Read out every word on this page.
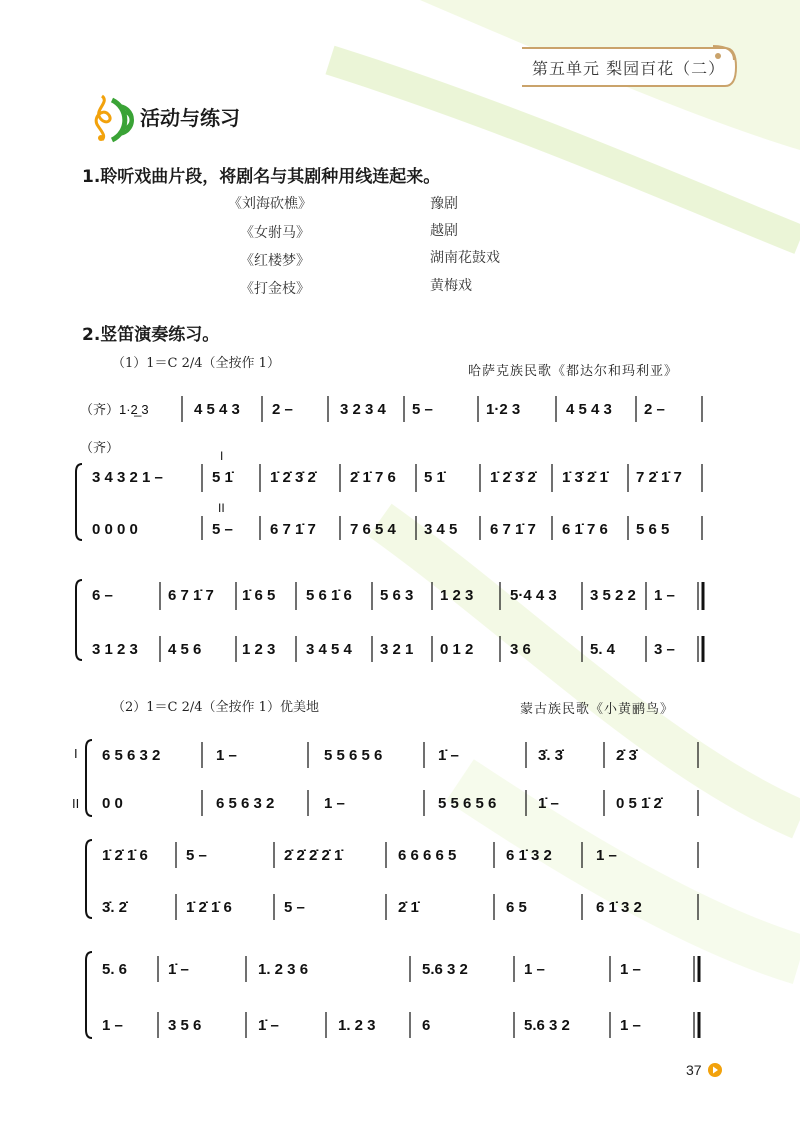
第五单元 梨园百花（二）
活动与练习
1.聆听戏曲片段，将剧名与其剧种用线连起来。
《刘海砍樵》
《女驸马》
《红楼梦》
《打金枝》
豫剧
越剧
湖南花鼓戏
黄梅戏
2.竖笛演奏练习。
（1）1＝C 2/4（全按作 1）
哈萨克族民歌《都达尔和玛利亚》
（齐）1·2̲ 3	4 5 4 3 2 –	3 2 3 4 5 –	1·2 3	4 5 4 3 2 –
（齐）
3 4 3 2 1 –	5 1̇ 1̇ 2̇ 3̇ 2̇ 2̇ 1̇ 7 6 5 1̇	1̇ 2̇ 3̇ 2̇ 1̇ 3̇ 2̇ 1̇ 7 2̇ 1̇ 7
0 0 0 0	5 – 6 7 1̇ 7 7 6 5 4 3 4 5 6 7 1̇ 7 6 1̇ 7 6 5 6 5
I
II
6 –	6 7 1̇ 7 1̇ 6 5 5 6 1̇ 6 5 6 3 1 2 3 5·4 4 3 3 5 2 2 1 –
3 1 2 3 4 5 6	1 2 3 3 4 5 4 3 2 1 0 1 2 3 6	5. 4	3 –
（2）1＝C 2/4（全按作 1）优美地	蒙古族民歌《小黄鹂鸟》
I
II
6 5 6 3 2	1 –	5 5 6 5 6	1̇ –	3̇. 3̇	2̇ 3̇
0 0	6 5 6 3 2	1 –	5 5 6 5 6	1̇ –	0 5 1̇ 2̇
1̇ 2̇ 1̇ 6	5 –	2̇ 2̇ 2̇ 2̇ 1̇	6 6 6 6 5	6 1̇ 3 2	1 –
3̇. 2̇	1̇ 2̇ 1̇ 6	5 –	2̇ 1̇	6 5	6 1̇ 3 2
5. 6	1̇ –	1. 2 3 6	5.6 3 2	1 –	1 –
1 –	3 5 6	1̇ –	1. 2 3	6	5.6 3 2	1 –
37
